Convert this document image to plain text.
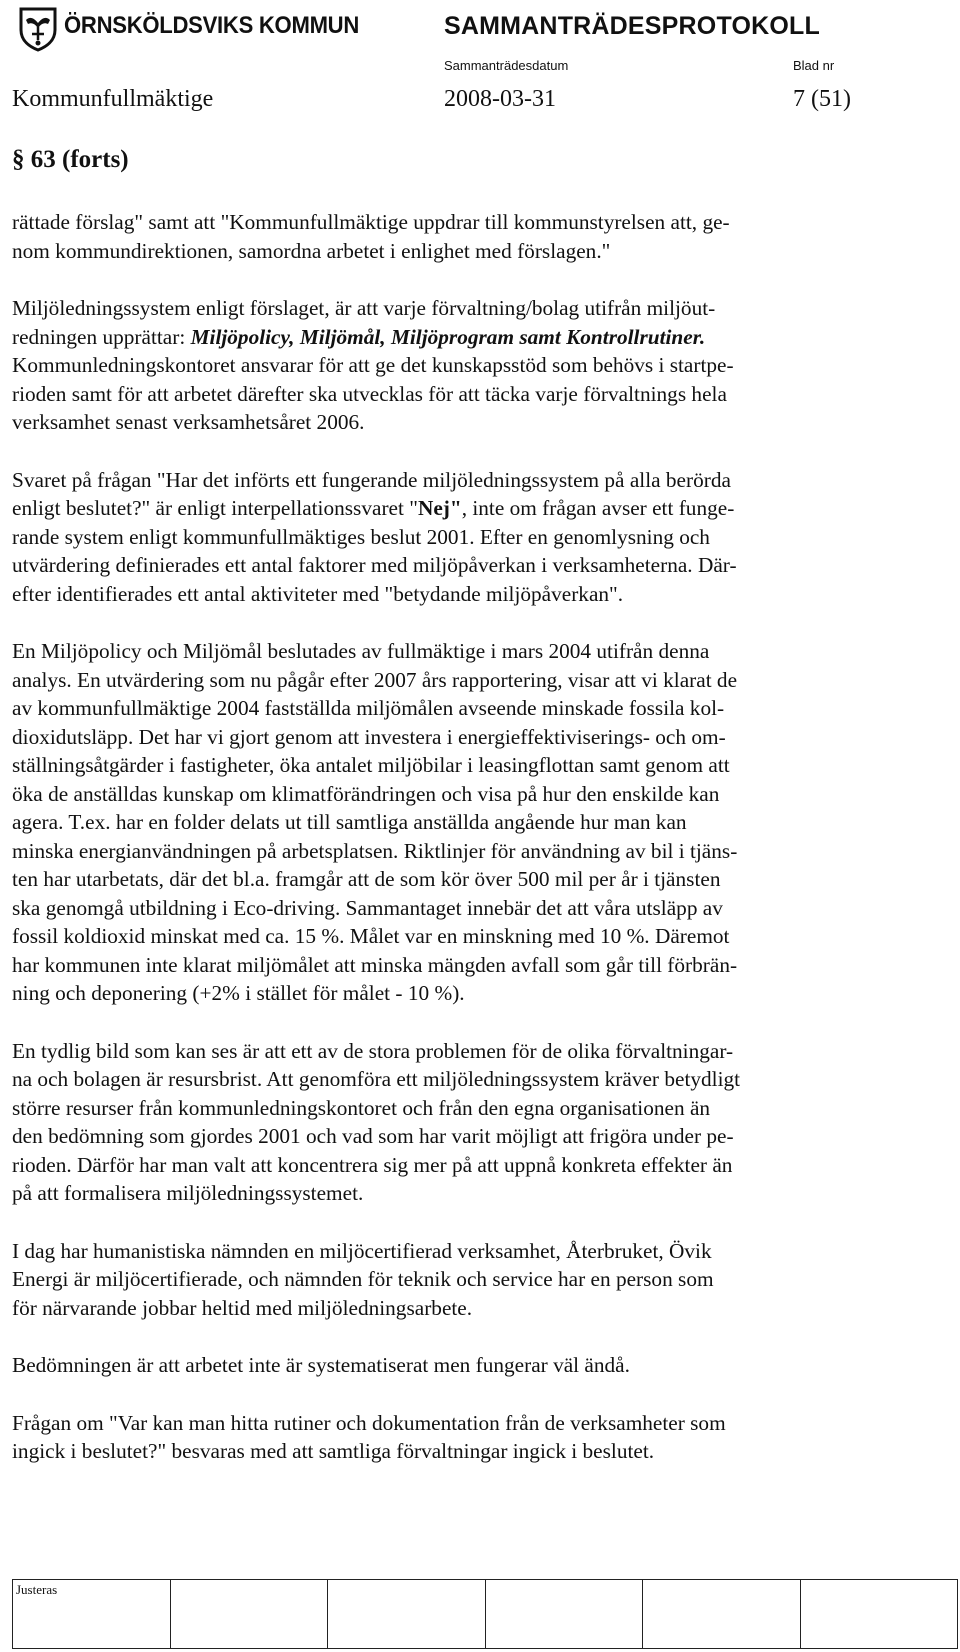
ÖRNSKÖLDSVIKS KOMMUN	SAMMANTRÄDESPROTOKOLL
Sammanträdesdatum	Blad nr
Kommunfullmäktige	2008-03-31	7 (51)
§ 63 (forts)

rättade förslag" samt att "Kommunfullmäktige uppdrar till kommunstyrelsen att, ge-
nom kommundirektionen, samordna arbetet i enlighet med förslagen."

Miljöledningssystem enligt förslaget, är att varje förvaltning/bolag utifrån miljöut-
redningen upprättar: Miljöpolicy, Miljömål, Miljöprogram samt Kontrollrutiner.
Kommunledningskontoret ansvarar för att ge det kunskapsstöd som behövs i startpe-
rioden samt för att arbetet därefter ska utvecklas för att täcka varje förvaltnings hela
verksamhet senast verksamhetsåret 2006.

Svaret på frågan "Har det införts ett fungerande miljöledningssystem på alla berörda
enligt beslutet?" är enligt interpellationssvaret "Nej", inte om frågan avser ett funge-
rande system enligt kommunfullmäktiges beslut 2001. Efter en genomlysning och
utvärdering definierades ett antal faktorer med miljöpåverkan i verksamheterna. Där-
efter identifierades ett antal aktiviteter med "betydande miljöpåverkan".

En Miljöpolicy och Miljömål beslutades av fullmäktige i mars 2004 utifrån denna
analys. En utvärdering som nu pågår efter 2007 års rapportering, visar att vi klarat de
av kommunfullmäktige 2004 fastställda miljömålen avseende minskade fossila kol-
dioxidutsläpp. Det har vi gjort genom att investera i energieffektiviserings- och om-
ställningsåtgärder i fastigheter, öka antalet miljöbilar i leasingflottan samt genom att
öka de anställdas kunskap om klimatförändringen och visa på hur den enskilde kan
agera. T.ex. har en folder delats ut till samtliga anställda angående hur man kan
minska energianvändningen på arbetsplatsen. Riktlinjer för användning av bil i tjäns-
ten har utarbetats, där det bl.a. framgår att de som kör över 500 mil per år i tjänsten
ska genomgå utbildning i Eco-driving. Sammantaget innebär det att våra utsläpp av
fossil koldioxid minskat med ca. 15 %. Målet var en minskning med 10 %. Däremot
har kommunen inte klarat miljömålet att minska mängden avfall som går till förbrän-
ning och deponering (+2% i stället för målet - 10 %).

En tydlig bild som kan ses är att ett av de stora problemen för de olika förvaltningar-
na och bolagen är resursbrist. Att genomföra ett miljöledningssystem kräver betydligt
större resurser från kommunledningskontoret och från den egna organisationen än
den bedömning som gjordes 2001 och vad som har varit möjligt att frigöra under pe-
rioden. Därför har man valt att koncentrera sig mer på att uppnå konkreta effekter än
på att formalisera miljöledningssystemet.

I dag har humanistiska nämnden en miljöcertifierad verksamhet, Återbruket, Övik
Energi är miljöcertifierade, och nämnden för teknik och service har en person som
för närvarande jobbar heltid med miljöledningsarbete.

Bedömningen är att arbetet inte är systematiserat men fungerar väl ändå.

Frågan om "Var kan man hitta rutiner och dokumentation från de verksamheter som
ingick i beslutet?" besvaras med att samtliga förvaltningar ingick i beslutet.

Justeras
